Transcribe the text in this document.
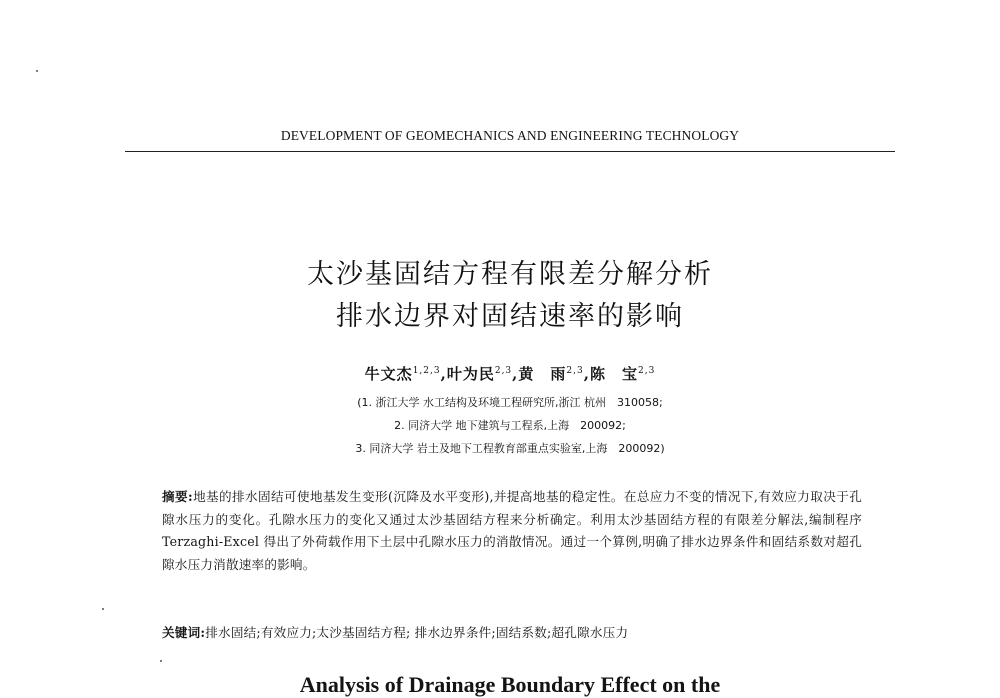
DEVELOPMENT OF GEOMECHANICS AND ENGINEERING TECHNOLOGY
太沙基固结方程有限差分解分析
排水边界对固结速率的影响
牛文杰$^{1,2,3}$,叶为民$^{2,3}$,黄　雨$^{2,3}$,陈　宝$^{2,3}$
(1. 浙江大学 水工结构及环境工程研究所,浙江 杭州　310058;
2. 同济大学 地下建筑与工程系,上海　200092;
3. 同济大学 岩土及地下工程教育部重点实验室,上海　200092)
摘要:地基的排水固结可使地基发生变形(沉降及水平变形),并提高地基的稳定性。在总应力不变的情况下,有效应力取决于孔隙水压力的变化。孔隙水压力的变化又通过太沙基固结方程来分析确定。利用太沙基固结方程的有限差分解法,编制程序 Terzaghi-Excel 得出了外荷载作用下土层中孔隙水压力的消散情况。通过一个算例,明确了排水边界条件和固结系数对超孔隙水压力消散速率的影响。
关键词:排水固结;有效应力;太沙基固结方程; 排水边界条件;固结系数;超孔隙水压力
Analysis of Drainage Boundary Effect on the
